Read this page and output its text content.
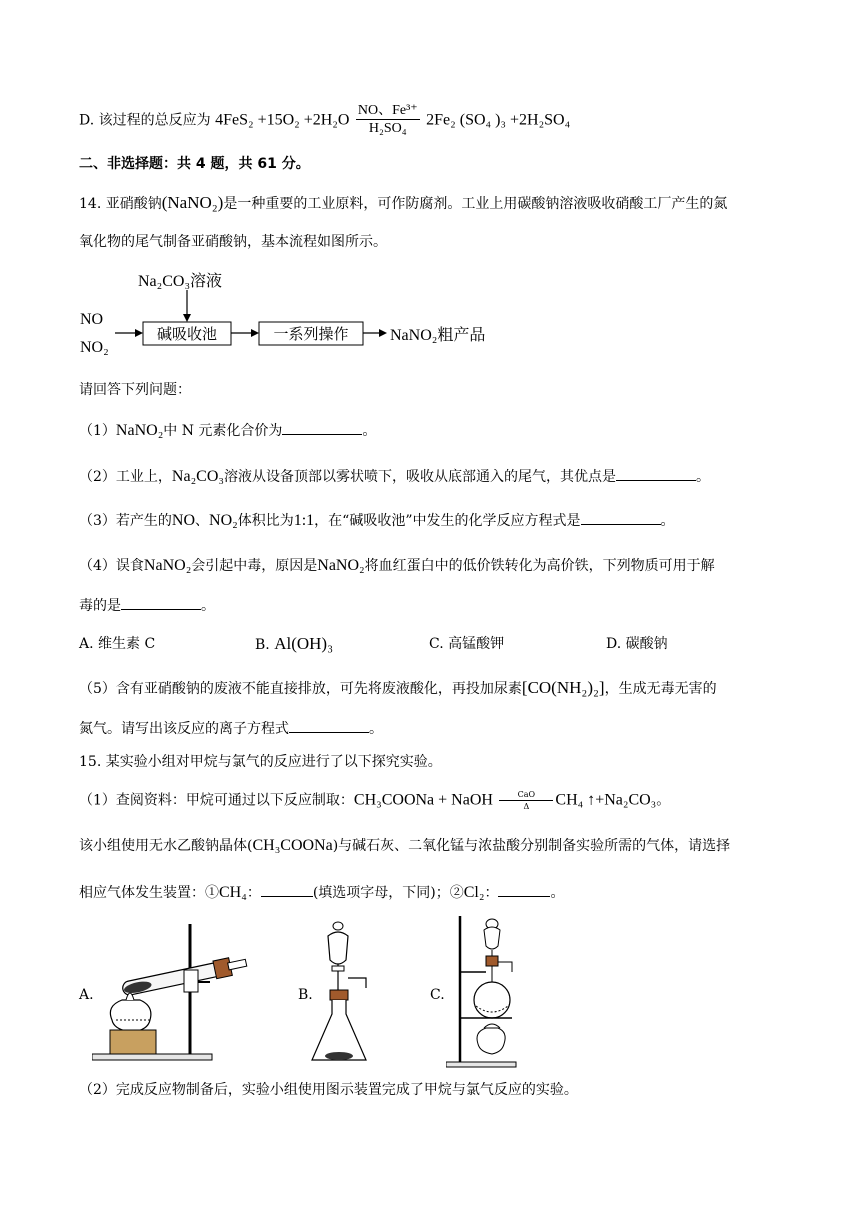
D. 该过程的总反应为 $4FeS_2 +15O_2 +2H_2O \frac{\text{NO、Fe³⁺}}{\text{H₂SO₄}} 2Fe_2$ (SO₄ )₃ +2H₂SO₄
二、非选择题：共 4 题，共 61 分。
14. 亚硝酸钠(NaNO₂)是一种重要的工业原料，可作防腐剂。工业上用碳酸钠溶液吸收硝酸工厂产生的氮
氧化物的尾气制备亚硝酸钠，基本流程如图所示。
Na₂CO₃溶液
NO
NO₂
碱吸收池	一系列操作	NaNO₂粗产品
请回答下列问题：
（1）NaNO₂中 N 元素化合价为	。
（2）工业上，Na₂CO₃溶液从设备顶部以雾状喷下，吸收从底部通入的尾气，其优点是	。
（3）若产生的NO、NO₂体积比为1:1，在“碱吸收池”中发生的化学反应方程式是	。
（4）误食NaNO₂会引起中毒，原因是NaNO₂将血红蛋白中的低价铁转化为高价铁，下列物质可用于解
毒的是	。
A. 维生素 C	B. Al(OH)₃	C. 高锰酸钾	D. 碳酸钠
（5）含有亚硝酸钠的废液不能直接排放，可先将废液酸化，再投加尿素[CO(NH₂)₂]，生成无毒无害的
氮气。请写出该反应的离子方程式	。
15. 某实验小组对甲烷与氯气的反应进行了以下探究实验。
（1）查阅资料：甲烷可通过以下反应制取：CH₃COONa + NaOH	CaO
Δ	CH₄ ↑+Na₂CO₃。
该小组使用无水乙酸钠晶体(CH₃COONa)与碱石灰、二氧化锰与浓盐酸分别制备实验所需的气体，请选择
相应气体发生装置：①CH₄：	(填选项字母，下同)；②Cl₂：	。
A.	B.	C.
（2）完成反应物制备后，实验小组使用图示装置完成了甲烷与氯气反应的实验。
